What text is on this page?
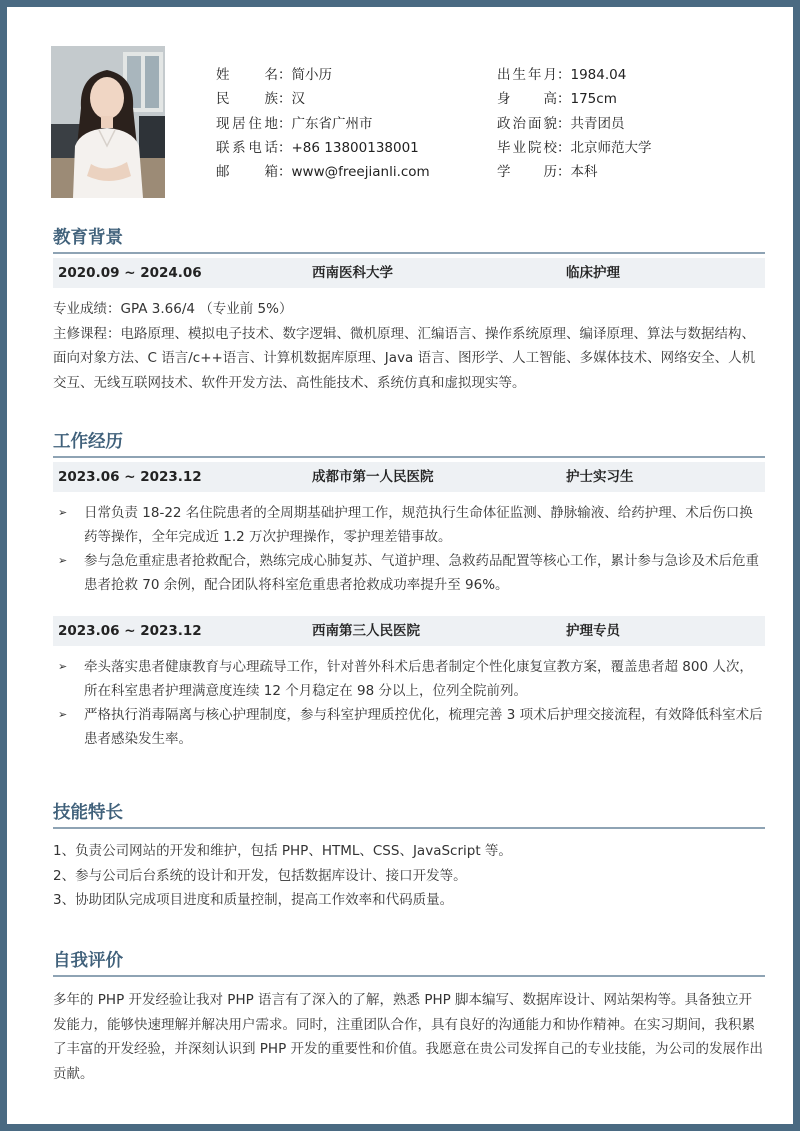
姓名 ： 简小历
民族 ： 汉
现居住地 ： 广东省广州市
联系电话 ： +86 13800138001
邮箱 ： www@freejianli.com
出生年月 ： 1984.04
身高 ： 175cm
政治面貌 ： 共青团员
毕业院校 ： 北京师范大学
学历 ： 本科
教育背景
2020.09 ~ 2024.06	西南医科大学	临床护理
专业成绩：GPA 3.66/4 （专业前 5%）
主修课程：电路原理、模拟电子技术、数字逻辑、微机原理、汇编语言、操作系统原理、编译原理、算法与数据结构、面向对象方法、C 语言/c++语言、计算机数据库原理、Java 语言、图形学、人工智能、多媒体技术、网络安全、人机交互、无线互联网技术、软件开发方法、高性能技术、系统仿真和虚拟现实等。
工作经历
2023.06 ~ 2023.12	成都市第一人民医院	护士实习生
➢ 日常负责 18-22 名住院患者的全周期基础护理工作，规范执行生命体征监测、静脉输液、给药护理、术后伤口换药等操作，全年完成近 1.2 万次护理操作，零护理差错事故。
➢ 参与急危重症患者抢救配合，熟练完成心肺复苏、气道护理、急救药品配置等核心工作，累计参与急诊及术后危重患者抢救 70 余例，配合团队将科室危重患者抢救成功率提升至 96%。
2023.06 ~ 2023.12	西南第三人民医院	护理专员
➢ 牵头落实患者健康教育与心理疏导工作，针对普外科术后患者制定个性化康复宣教方案，覆盖患者超 800 人次，所在科室患者护理满意度连续 12 个月稳定在 98 分以上，位列全院前列。
➢ 严格执行消毒隔离与核心护理制度，参与科室护理质控优化，梳理完善 3 项术后护理交接流程，有效降低科室术后患者感染发生率。
技能特长
1、负责公司网站的开发和维护，包括 PHP、HTML、CSS、JavaScript 等。
2、参与公司后台系统的设计和开发，包括数据库设计、接口开发等。
3、协助团队完成项目进度和质量控制，提高工作效率和代码质量。
自我评价
多年的 PHP 开发经验让我对 PHP 语言有了深入的了解，熟悉 PHP 脚本编写、数据库设计、网站架构等。具备独立开发能力，能够快速理解并解决用户需求。同时，注重团队合作，具有良好的沟通能力和协作精神。在实习期间，我积累了丰富的开发经验，并深刻认识到 PHP 开发的重要性和价值。我愿意在贵公司发挥自己的专业技能，为公司的发展作出贡献。
